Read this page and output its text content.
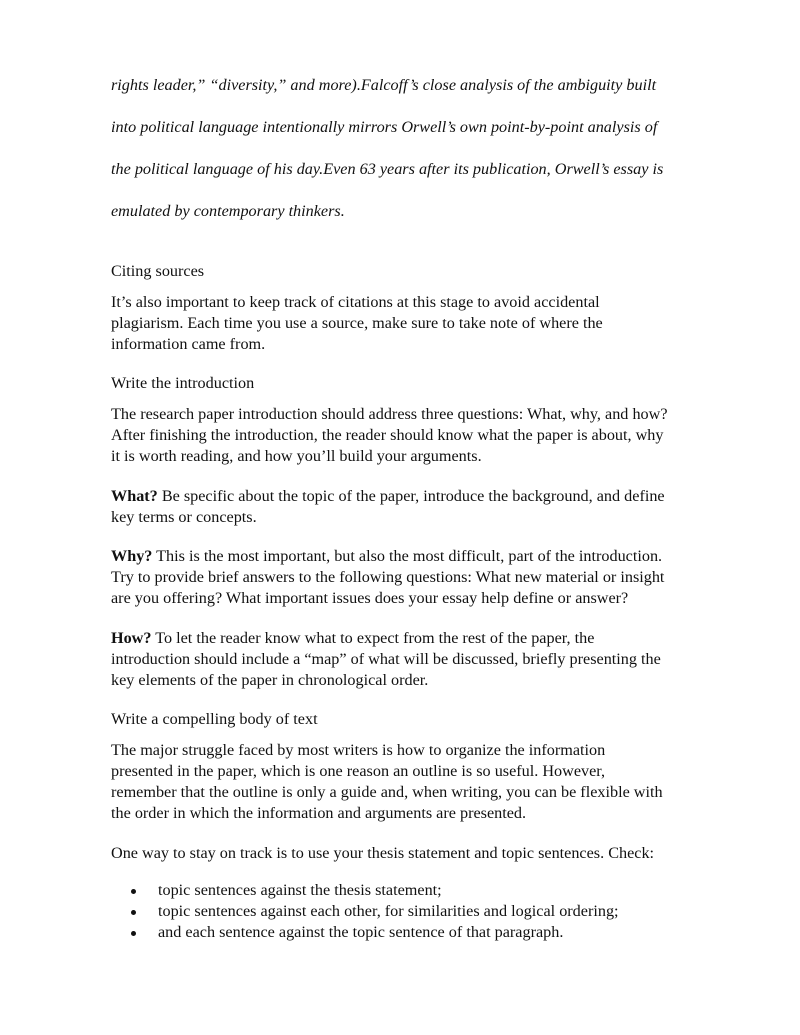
rights leader,” “diversity,” and more).Falcoff’s close analysis of the ambiguity built
into political language intentionally mirrors Orwell’s own point-by-point analysis of
the political language of his day.Even 63 years after its publication, Orwell’s essay is
emulated by contemporary thinkers.
Citing sources
It’s also important to keep track of citations at this stage to avoid accidental
plagiarism. Each time you use a source, make sure to take note of where the
information came from.
Write the introduction
The research paper introduction should address three questions: What, why, and how?
After finishing the introduction, the reader should know what the paper is about, why
it is worth reading, and how you’ll build your arguments.
What? Be specific about the topic of the paper, introduce the background, and define
key terms or concepts.
Why? This is the most important, but also the most difficult, part of the introduction.
Try to provide brief answers to the following questions: What new material or insight
are you offering? What important issues does your essay help define or answer?
How? To let the reader know what to expect from the rest of the paper, the
introduction should include a “map” of what will be discussed, briefly presenting the
key elements of the paper in chronological order.
Write a compelling body of text
The major struggle faced by most writers is how to organize the information
presented in the paper, which is one reason an outline is so useful. However,
remember that the outline is only a guide and, when writing, you can be flexible with
the order in which the information and arguments are presented.
One way to stay on track is to use your thesis statement and topic sentences. Check:
topic sentences against the thesis statement;
topic sentences against each other, for similarities and logical ordering;
and each sentence against the topic sentence of that paragraph.
